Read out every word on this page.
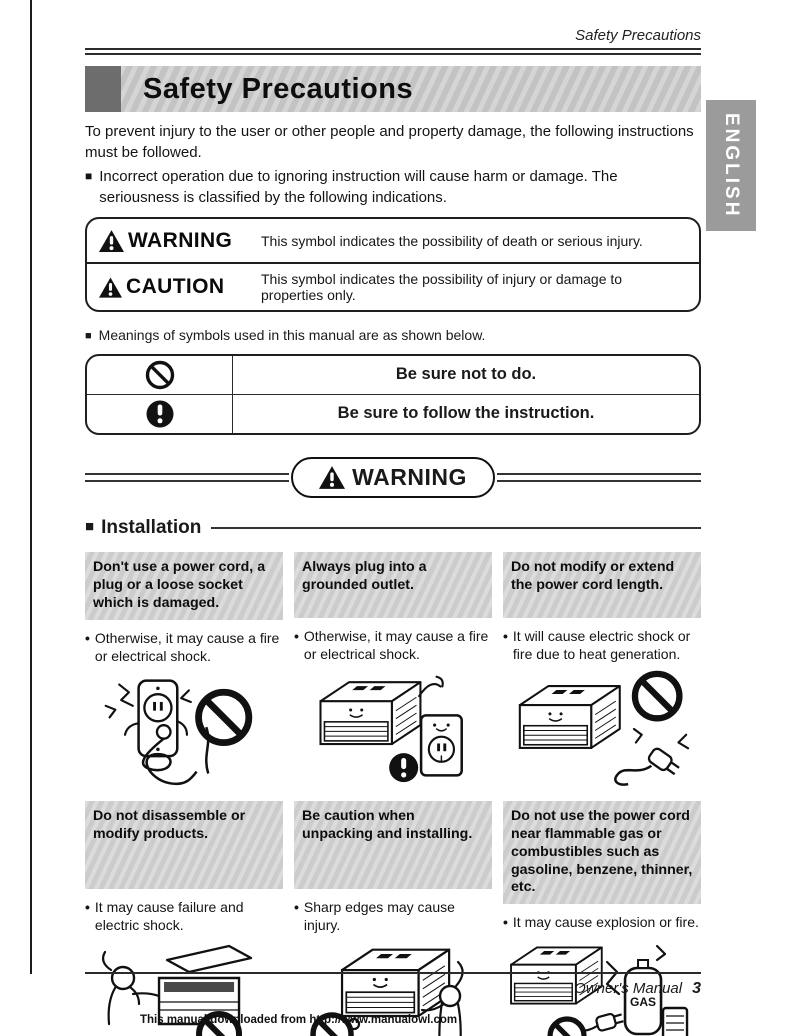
Safety Precautions
Safety Precautions

To prevent injury to the user or other people and property damage, the following instructions must be followed.

■ Incorrect operation due to ignoring instruction will cause harm or damage. The seriousness is classified by the following indications.
WARNING This symbol indicates the possibility of death or serious injury.
CAUTION	This symbol indicates the possibility of injury or damage to properties only.
■ Meanings of symbols used in this manual are as shown below.
Be sure not to do.
Be sure to follow the instruction.
WARNING
■ Installation
Don't use a power cord, a plug or a loose socket which is damaged.
•
Otherwise, it may cause a fire or electrical shock.
Always plug into a grounded outlet.
•
Otherwise, it may cause a fire or electrical shock.
Do not modify or extend the power cord length.
•
It will cause electric shock or fire due to heat generation.
Do not disassemble or modify products.
•
It may cause failure and electric shock.
Be caution when unpacking and installing.
•
Sharp edges may cause injury.
Do not use the power cord near flammable gas or combustibles such as gasoline, benzene, thinner, etc.
•
It may cause explosion or fire.
GAS
ENGLISH
Owner's Manual 3
This manual downloaded from http://www.manualowl.com
